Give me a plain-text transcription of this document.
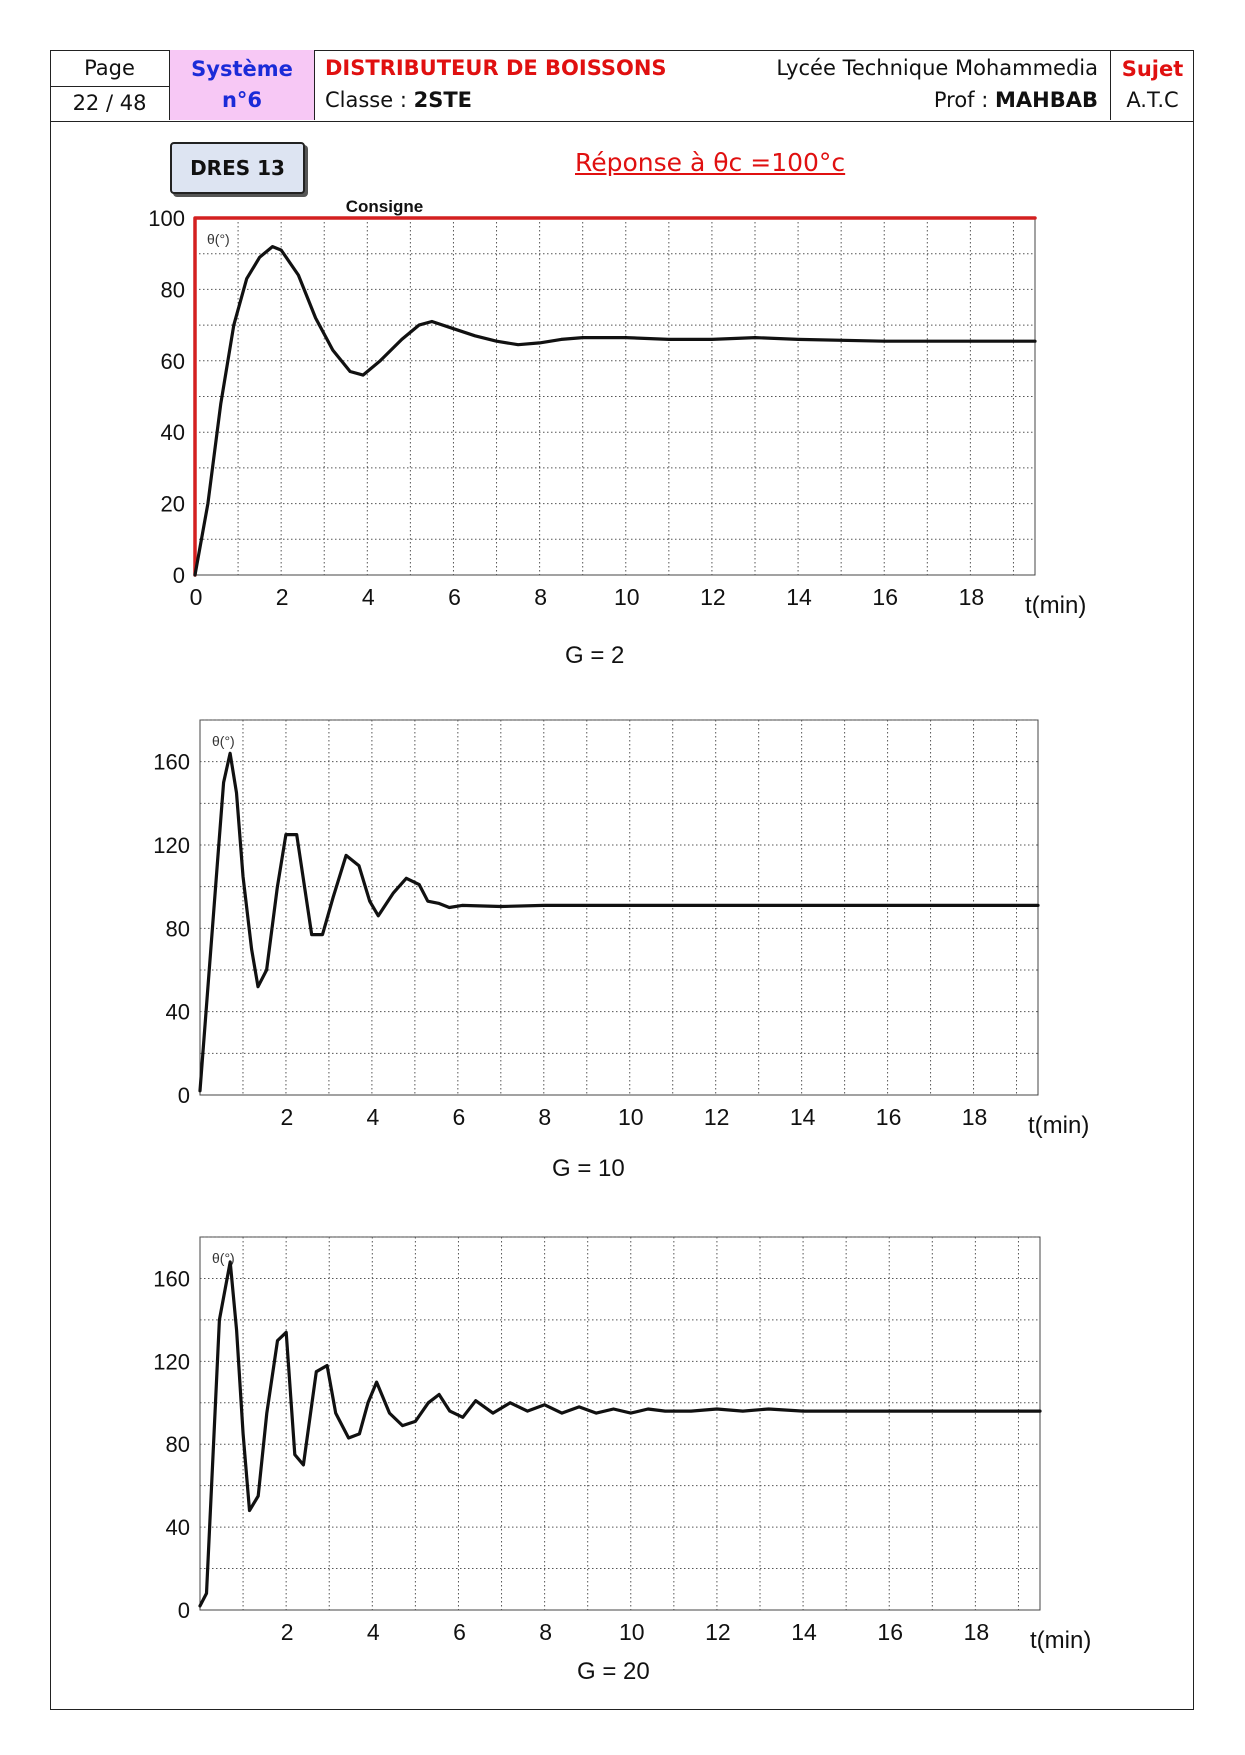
Page
22 / 48
Système
n°6
DISTRIBUTEUR DE BOISSONS
Classe : 2STE
Lycée Technique Mohammedia
Prof : MAHBAB
Sujet
A.T.C
DRES 13	Réponse à θc =100°c
0	2	4	6	8	10	12	14	16	18
0
20
40
60
80
100
θ(°)
t(min)
Consigne
G = 2
2	4	6	8	10	12	14	16	18
0
40
80
120
160
θ(°)
t(min)
G = 10
2	4	6	8	10	12	14	16	18
0
40
80
120
160
θ(°)
t(min)
G = 20
